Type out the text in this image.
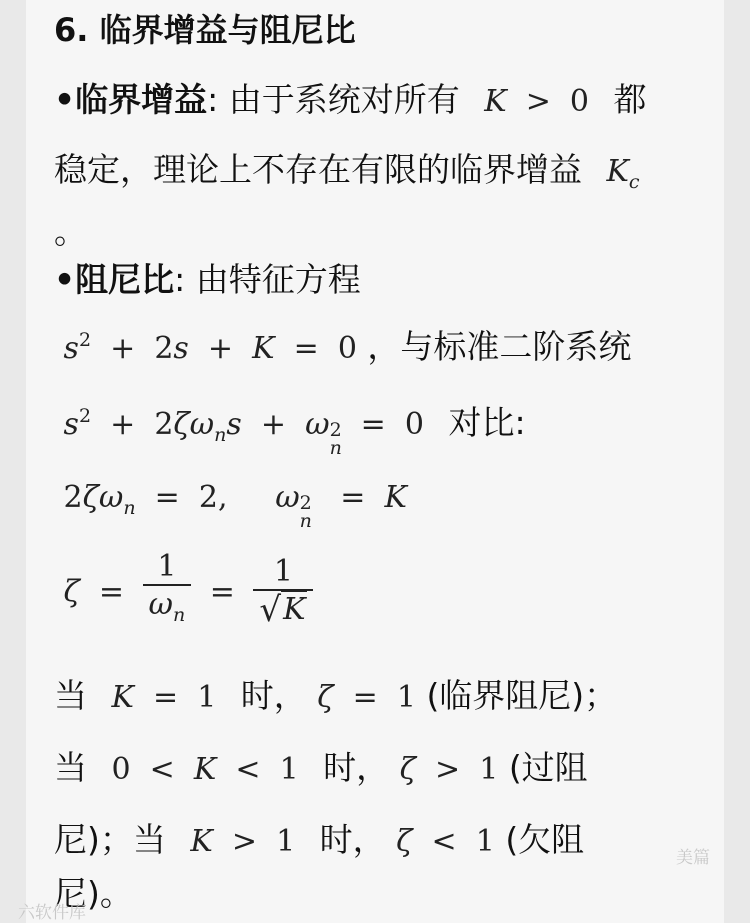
6. 临界增益与阻尼比
•临界增益: 由于系统对所有 K  >  0 都
稳定，理论上不存在有限的临界增益 $K_c$
。
•阻尼比: 由特征方程
$s^2 + 2s + K = 0$ ，与标准二阶系统
$s^2 + 2\zeta\omega_ns + \omega$ 2
n
=  0 对比:
$2\zeta\omega_n = 2$,     ω 2
n
=  K
$\zeta = \frac{1}{\omega_n} = \frac{1}{√K}$
当 K  =  1 时， ζ  =  1 (临界阻尼)；
当 0  <  K  <  1 时， ζ  >  1 (过阻
尼)；当 K  >  1 时， ζ  <  1 (欠阻
尼)。
六软件库
美篇
